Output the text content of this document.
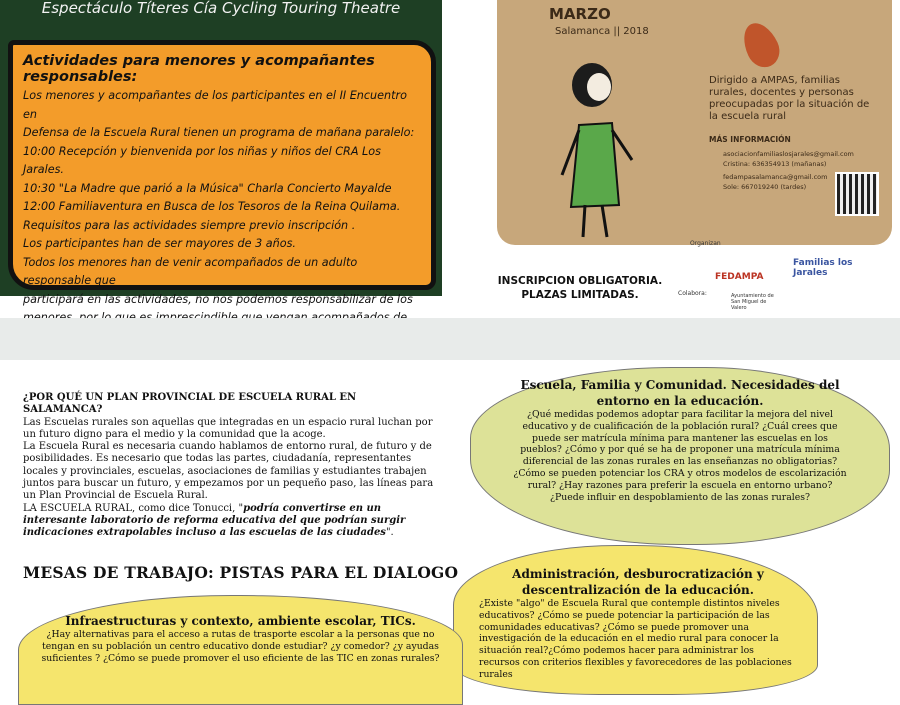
Espectáculo Títeres Cía Cycling Touring Theatre
Actividades para menores y acompañantes responsables:

Los menores y acompañantes de los participantes en el II Encuentro en

Defensa de la Escuela Rural tienen un programa de mañana paralelo:

10:00 Recepción y bienvenida por los niñas y niños del CRA Los Jarales.

10:30 "La Madre que parió a la Música" Charla Concierto Mayalde

12:00 Familiaventura en Busca de los Tesoros de la Reina Quilama.

Requisitos para las actividades siempre previo inscripción .

Los participantes han de ser mayores de 3 años.

Todos los menores han de venir acompañados de un adulto responsable que

participará en las actividades, no nos podemos responsabilizar de los

MARZO
Salamanca || 2018
Dirigido a AMPAS, familias rurales, docentes y personas preocupadas por la situación de la escuela rural
MÁS INFORMACIÓN
asociacionfamiliaslosjarales@gmail.com
Cristina: 636354913 (mañanas)
fedampasalamanca@gmail.com
Sole: 667019240 (tardes)
Organizan
FEDAMPA
Familias los Jarales
Colabora:	Ayuntamiento de San Miguel de Valero
INSCRIPCION OBLIGATORIA.
PLAZAS LIMITADAS.

¿POR QUÉ UN PLAN PROVINCIAL DE ESCUELA RURAL EN SALAMANCA?

Las Escuelas rurales son aquellas que integradas en un espacio rural luchan por un futuro digno para el medio y la comunidad que la acoge.

La Escuela Rural es necesaria cuando hablamos de entorno rural, de futuro y de posibilidades. Es necesario que todas las partes, ciudadanía, representantes locales y provinciales, escuelas, asociaciones de familias y estudiantes trabajen juntos para buscar un futuro, y empezamos por un pequeño paso, las líneas para un Plan Provincial de Escuela Rural.

LA ESCUELA RURAL, como dice Tonucci, "podría convertirse en un interesante laboratorio de reforma educativa del que podrían surgir indicaciones extrapolables incluso a las escuelas de las ciudades".

MESAS DE TRABAJO: PISTAS PARA EL DIALOGO
Escuela, Familia y Comunidad. Necesidades del entorno en la educación.
¿Qué medidas podemos adoptar para facilitar la mejora del nivel educativo y de cualificación de la población rural? ¿Cuál crees que puede ser matrícula mínima para mantener las escuelas en los pueblos? ¿Cómo y por qué se ha de proponer una matrícula mínima diferencial de las zonas rurales en las enseñanzas no obligatorias? ¿Cómo se pueden potenciar los CRA y otros modelos de escolarización rural? ¿Hay razones para preferir la escuela en entorno urbano? ¿Puede influir en despoblamiento de las zonas rurales?
Administración, desburocratización y descentralización de la educación.
¿Existe "algo" de Escuela Rural que contemple distintos niveles educativos? ¿Cómo se puede potenciar la participación de las comunidades educativas? ¿Cómo se puede promover una investigación de la educación en el medio rural para conocer la situación real?¿Cómo podemos hacer para administrar los recursos con criterios flexibles y favorecedores de las poblaciones rurales
Infraestructuras y contexto, ambiente escolar, TICs.
¿Hay alternativas para el acceso a rutas de trasporte escolar a la personas que no tengan en su población un centro educativo donde estudiar? ¿y comedor? ¿y ayudas suficientes ? ¿Cómo se puede promover el uso eficiente de las TIC en zonas rurales?
